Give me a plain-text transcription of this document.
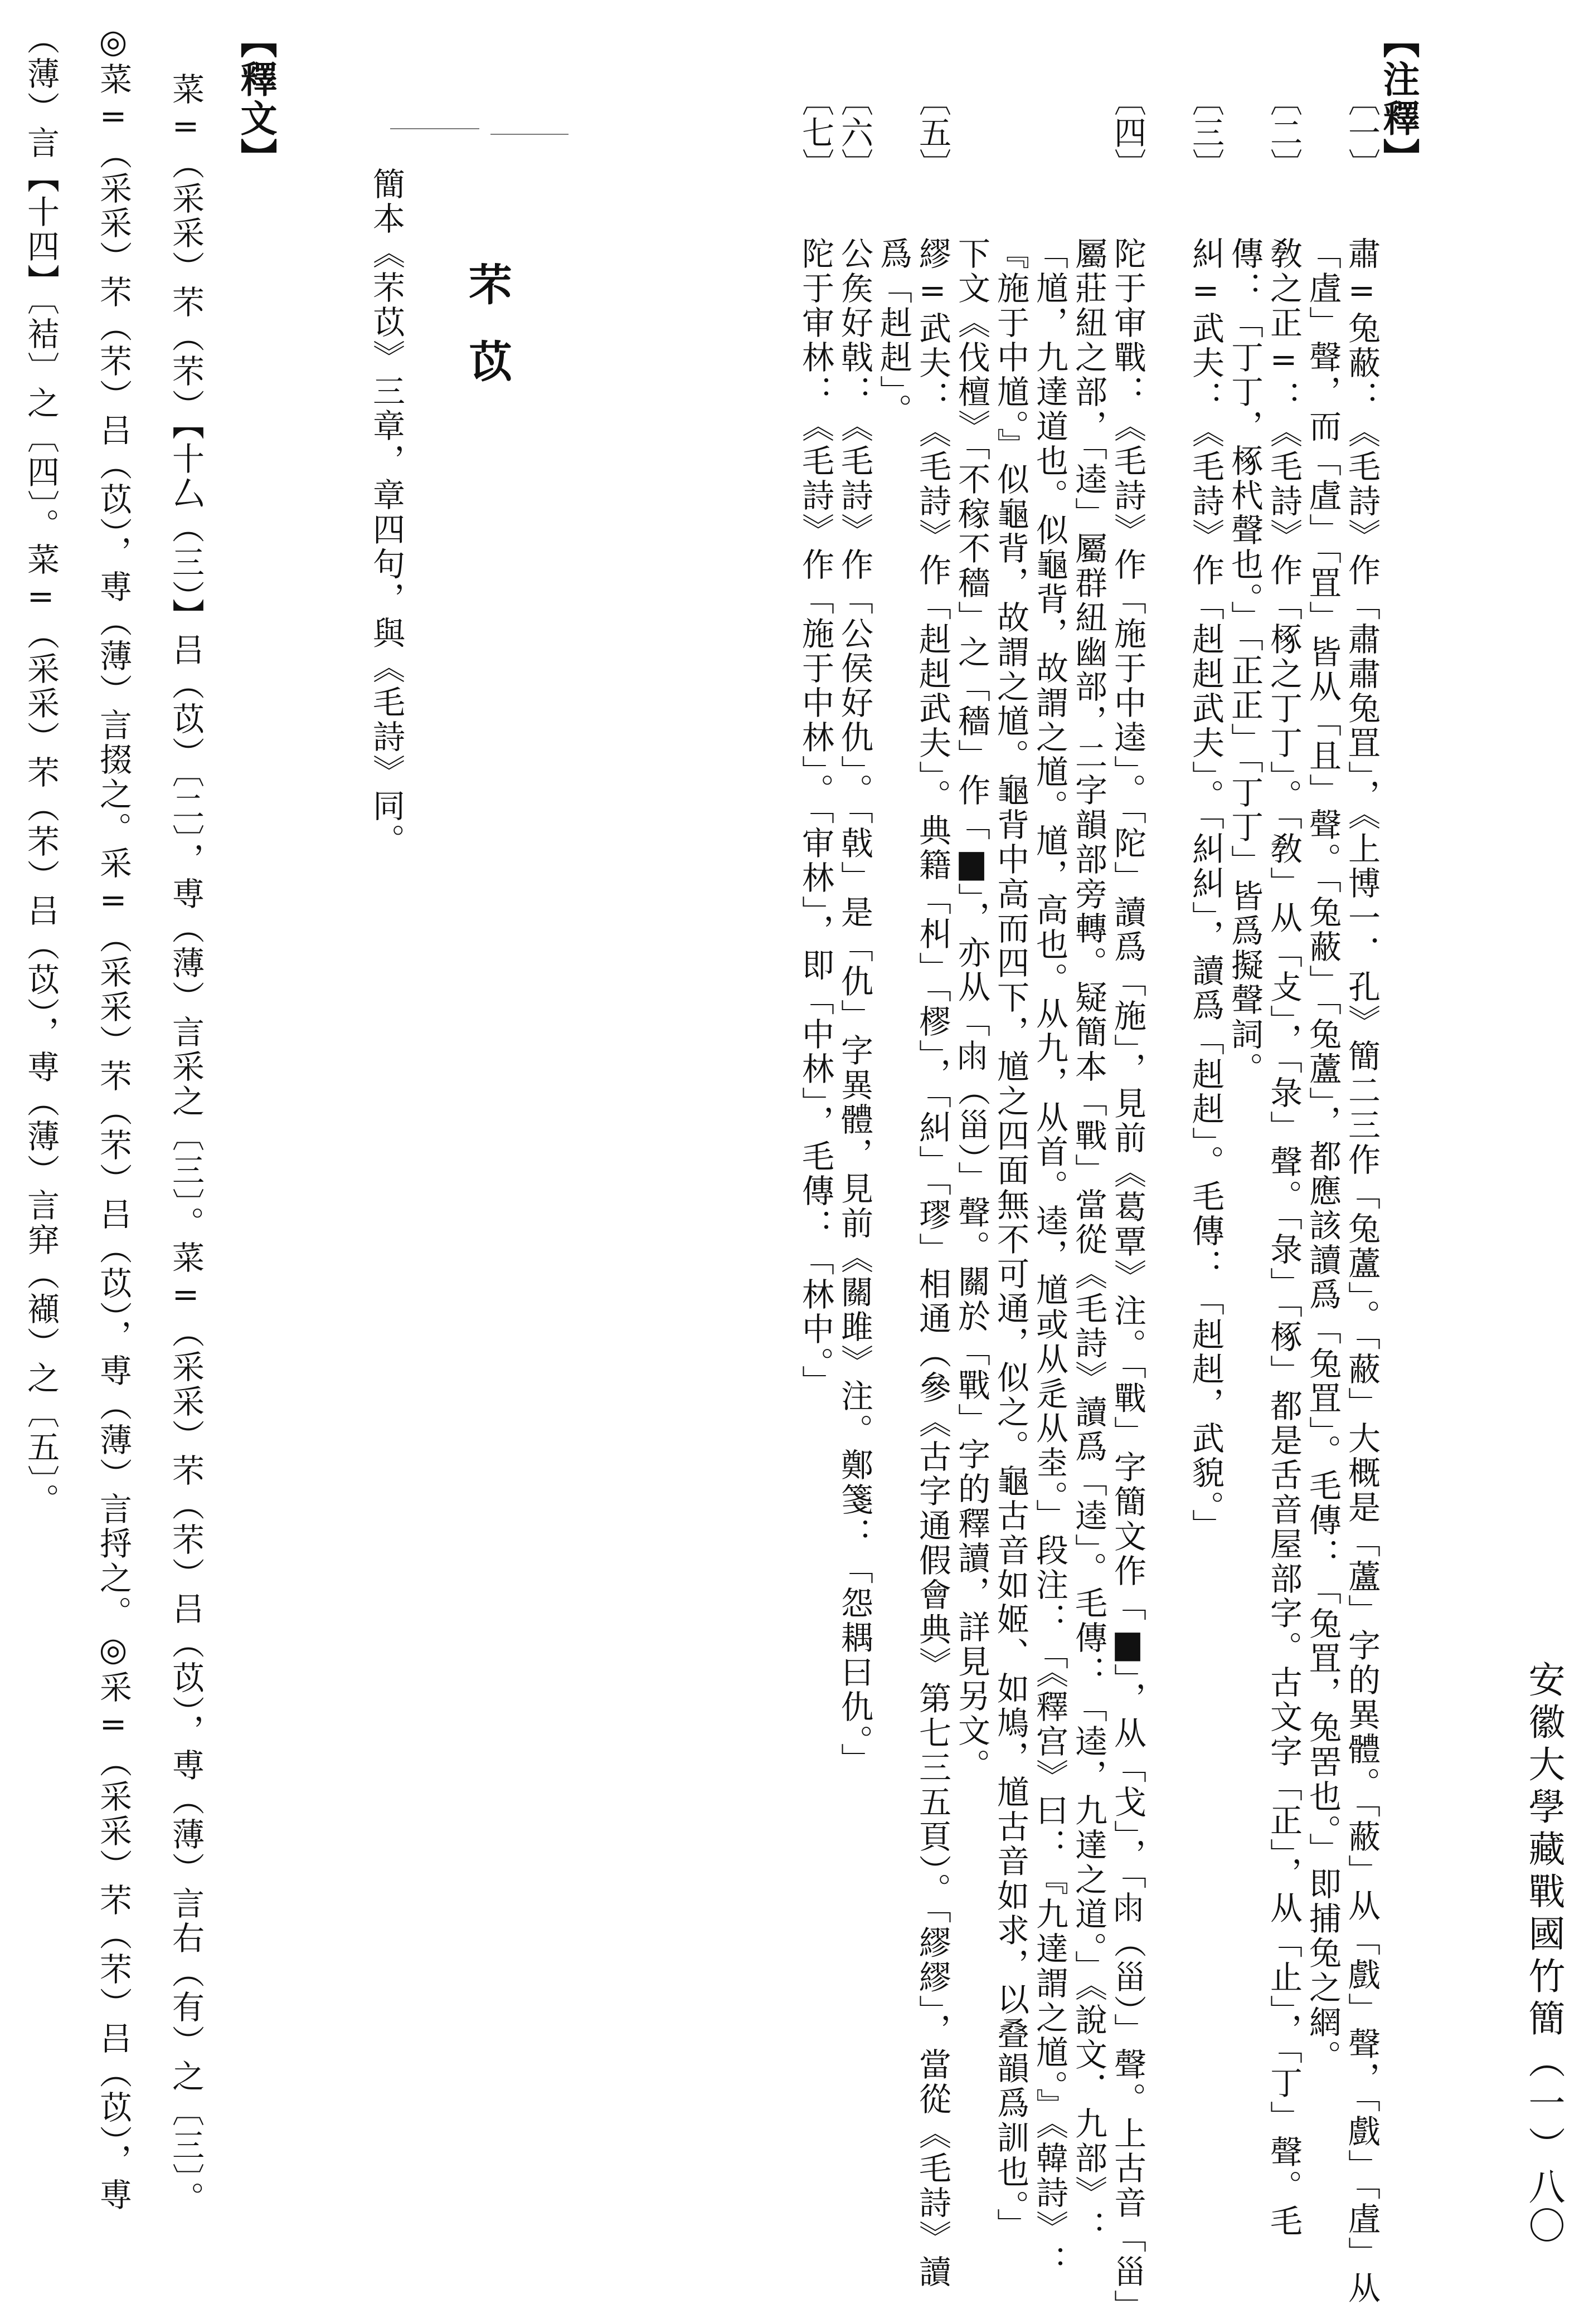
安徽大學藏戰國竹簡（一）
八〇
【注釋】
〔一〕
肅=兔蔽：《毛詩》作「肅肅兔罝」，《上博一．孔》簡二三作「兔蘆」。「蔽」大概是「蘆」字的異體。「蔽」从「戲」聲，「戲」「虘」从
「虘」聲，而「虘」「罝」皆从「且」聲。「兔蔽」「兔蘆」，都應該讀爲「兔罝」。毛傳：「兔罝，兔罟也。」即捕兔之網。
〔二〕
敎之正=：《毛詩》作「椓之丁丁」。「敎」从「攴」，「彔」聲。「彔」「椓」都是舌音屋部字。古文字「正」，从「止」，「丁」聲。毛
傳：「丁丁，椓杙聲也。」「正正」「丁丁」皆爲擬聲詞。
〔三〕
糾=武夫：《毛詩》作「赳赳武夫」。「糾糾」，讀爲「赳赳」。毛傳：「赳赳，武貌。」
〔四〕
陀于审戰：《毛詩》作「施于中逵」。「陀」讀爲「施」，見前《葛覃》注。「戰」字簡文作「▆」，从「戈」，「𠕒（甾）」聲。上古音「甾」
屬莊紐之部，「逵」屬群紐幽部，二字韻部旁轉。疑簡本「戰」當從《毛詩》讀爲「逵」。毛傳：「逵，九達之道。」《說文．九部》：
「馗，九達道也。似龜背，故謂之馗。馗，高也。从九，从首。逵，馗或从辵从坴。」段注：「《釋宫》曰：『九達謂之馗。』《韓詩》：
『施于中馗。』似龜背，故謂之馗。龜背中高而四下，馗之四面無不可通，似之。龜古音如姬、如鳩，馗古音如求，以叠韻爲訓也。」
下文《伐檀》「不稼不穡」之「穡」作「▆」，亦从「𠕒（甾）」聲。關於「戰」字的釋讀，詳見另文。
〔五〕
繆=武夫：《毛詩》作「赳赳武夫」。典籍「朻」「樛」，「糾」「璆」相通（參《古字通假會典》第七三五頁）。「繆繆」，當從《毛詩》讀
爲「赳赳」。
〔六〕
公矦好戟：《毛詩》作「公侯好仇」。「戟」是「仇」字異體，見前《關雎》注。鄭箋：「怨耦曰仇。」
〔七〕
陀于审林：《毛詩》作「施于中林」。「审林」，即「中林」，毛傳：「林中。」
芣苡
簡本《芣苡》三章，章四句，與《毛詩》同。
【釋文】
菜=（采采）芣（芣）【十厶（三）】吕（苡）〔二〕，尃（薄）言采之〔三〕。菜=（采采）芣（芣）吕（苡），尃（薄）言右（有）之〔三〕。
◎菜=（采采）芣（芣）吕（苡），尃（薄）言掇之。采=（采采）芣（芣）吕（苡），尃（薄）言捋之。◎采=（采采）芣（芣）吕（苡），尃
（薄）言【十四】〔袺〕之〔四〕。菜=（采采）芣（芣）吕（苡），尃（薄）言穽（襭）之〔五〕。
